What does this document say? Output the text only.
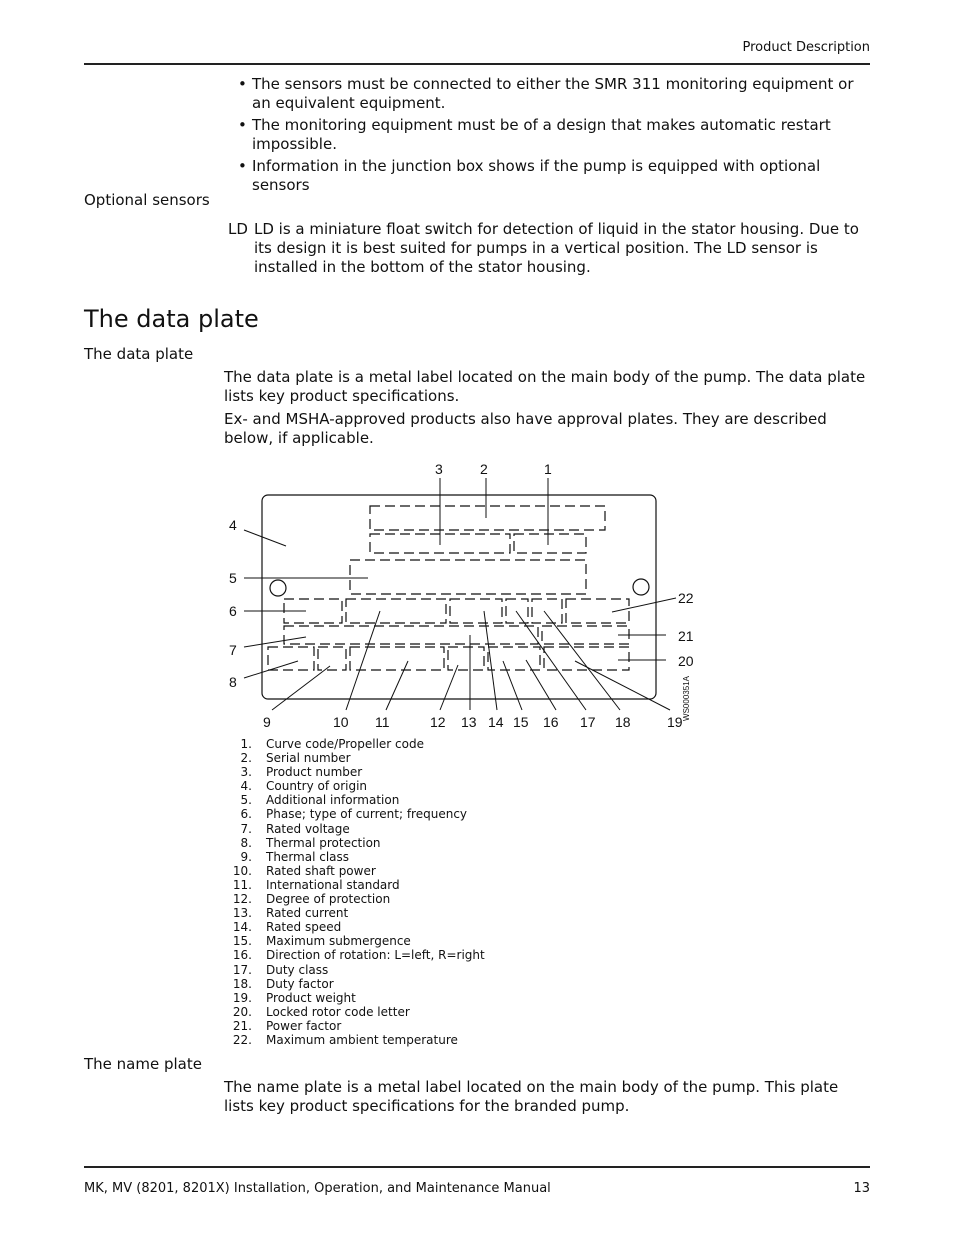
Product Description
• The sensors must be connected to either the SMR 311 monitoring equipment or an equivalent equipment.
• The monitoring equipment must be of a design that makes automatic restart impossible.
• Information in the junction box shows if the pump is equipped with optional sensors
Optional sensors
LD LD is a miniature float switch for detection of liquid in the stator housing. Due to its design it is best suited for pumps in a vertical position. The LD sensor is installed in the bottom of the stator housing.
The data plate
The data plate
The data plate is a metal label located on the main body of the pump. The data plate lists key product specifications.
Ex- and MSHA-approved products also have approval plates. They are described below, if applicable.
3	2	1
4
5
6
7
8
9	10 11	12 13 14 15 16 17 18	19
20
21
22
WS000351A
1.	Curve code/Propeller code
2.	Serial number
3.	Product number
4.	Country of origin
5.	Additional information
6.	Phase; type of current; frequency
7.	Rated voltage
8.	Thermal protection
9.	Thermal class
10.	Rated shaft power
11.	International standard
12.	Degree of protection
13.	Rated current
14.	Rated speed
15.	Maximum submergence
16.	Direction of rotation: L=left, R=right
17.	Duty class
18.	Duty factor
19.	Product weight
20.	Locked rotor code letter
21.	Power factor
22.	Maximum ambient temperature
The name plate
The name plate is a metal label located on the main body of the pump. This plate lists key product specifications for the branded pump.
MK, MV (8201, 8201X) Installation, Operation, and Maintenance Manual	13
